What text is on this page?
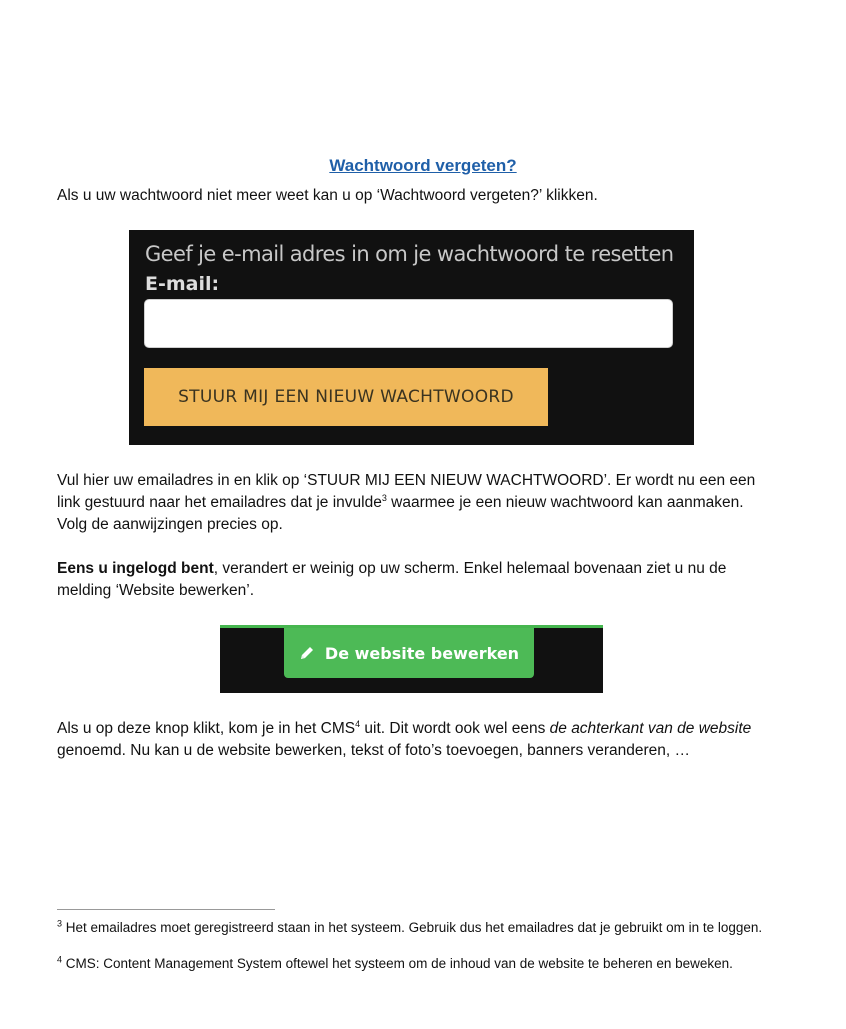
Wachtwoord vergeten?
Als u uw wachtwoord niet meer weet kan u op ‘Wachtwoord vergeten?’ klikken.
Geef je e-mail adres in om je wachtwoord te resetten
E-mail:
STUUR MIJ EEN NIEUW WACHTWOORD
Vul hier uw emailadres in en klik op ‘STUUR MIJ EEN NIEUW WACHTWOORD’. Er wordt nu een een link gestuurd naar het emailadres dat je invulde$^3$ waarmee je een nieuw wachtwoord kan aanmaken. Volg de aanwijzingen precies op.
Eens u ingelogd bent, verandert er weinig op uw scherm. Enkel helemaal bovenaan ziet u nu de melding ‘Website bewerken’.
De website bewerken
Als u op deze knop klikt, kom je in het CMS$^4$ uit. Dit wordt ook wel eens de achterkant van de website genoemd. Nu kan u de website bewerken, tekst of foto’s toevoegen, banners veranderen, …
$^3$ Het emailadres moet geregistreerd staan in het systeem. Gebruik dus het emailadres dat je gebruikt om in te loggen.
$^4$ CMS: Content Management System oftewel het systeem om de inhoud van de website te beheren en beweken.
